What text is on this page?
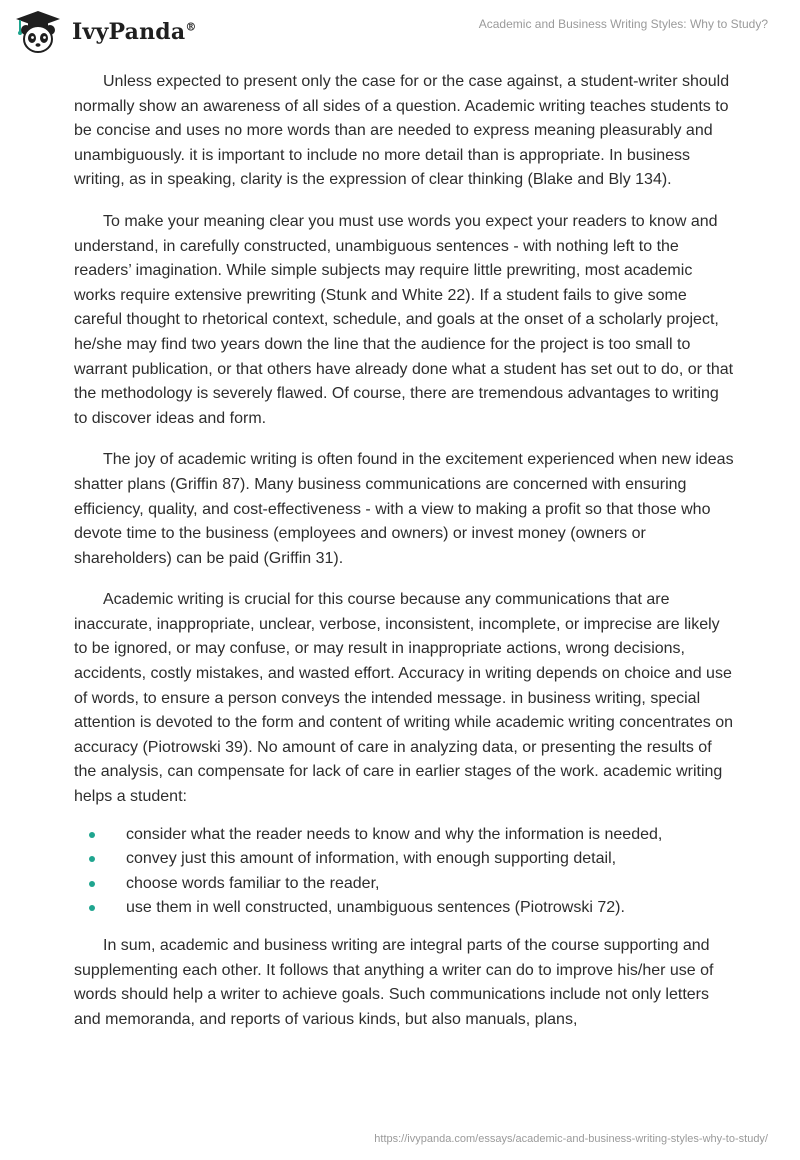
IvyPanda®	Academic and Business Writing Styles: Why to Study?

Unless expected to present only the case for or the case against, a student-writer should normally show an awareness of all sides of a question. Academic writing teaches students to be concise and uses no more words than are needed to express meaning pleasurably and unambiguously. it is important to include no more detail than is appropriate. In business writing, as in speaking, clarity is the expression of clear thinking (Blake and Bly 134).

To make your meaning clear you must use words you expect your readers to know and understand, in carefully constructed, unambiguous sentences - with nothing left to the readers’ imagination. While simple subjects may require little prewriting, most academic works require extensive prewriting (Stunk and White 22). If a student fails to give some careful thought to rhetorical context, schedule, and goals at the onset of a scholarly project, he/she may find two years down the line that the audience for the project is too small to warrant publication, or that others have already done what a student has set out to do, or that the methodology is severely flawed. Of course, there are tremendous advantages to writing to discover ideas and form.

The joy of academic writing is often found in the excitement experienced when new ideas shatter plans (Griffin 87). Many business communications are concerned with ensuring efficiency, quality, and cost-effectiveness - with a view to making a profit so that those who devote time to the business (employees and owners) or invest money (owners or shareholders) can be paid (Griffin 31).

Academic writing is crucial for this course because any communications that are inaccurate, inappropriate, unclear, verbose, inconsistent, incomplete, or imprecise are likely to be ignored, or may confuse, or may result in inappropriate actions, wrong decisions, accidents, costly mistakes, and wasted effort. Accuracy in writing depends on choice and use of words, to ensure a person conveys the intended message. in business writing, special attention is devoted to the form and content of writing while academic writing concentrates on accuracy (Piotrowski 39). No amount of care in analyzing data, or presenting the results of the analysis, can compensate for lack of care in earlier stages of the work. academic writing helps a student:

consider what the reader needs to know and why the information is needed,
convey just this amount of information, with enough supporting detail,
choose words familiar to the reader,
use them in well constructed, unambiguous sentences (Piotrowski 72).

In sum, academic and business writing are integral parts of the course supporting and supplementing each other. It follows that anything a writer can do to improve his/her use of words should help a writer to achieve goals. Such communications include not only letters and memoranda, and reports of various kinds, but also manuals, plans,

https://ivypanda.com/essays/academic-and-business-writing-styles-why-to-study/
